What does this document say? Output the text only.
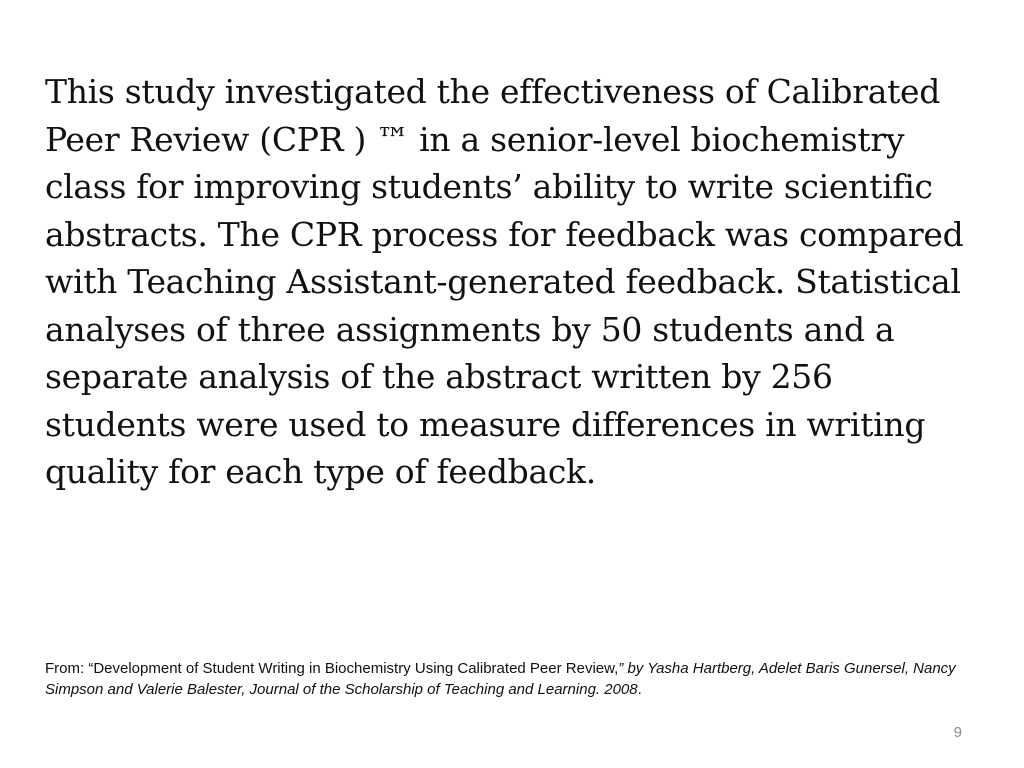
This study investigated the effectiveness of Calibrated Peer Review (CPR ) ™ in a senior-level biochemistry class for improving students’ ability to write scientific abstracts. The CPR process for feedback was compared with Teaching Assistant-generated feedback. Statistical analyses of three assignments by 50 students and a separate analysis of the abstract written by 256 students were used to measure differences in writing quality for each type of feedback.

From: “Development of Student Writing in Biochemistry Using Calibrated Peer Review,” by Yasha Hartberg, Adelet Baris Gunersel, Nancy Simpson and Valerie Balester, Journal of the Scholarship of Teaching and Learning. 2008.

9
